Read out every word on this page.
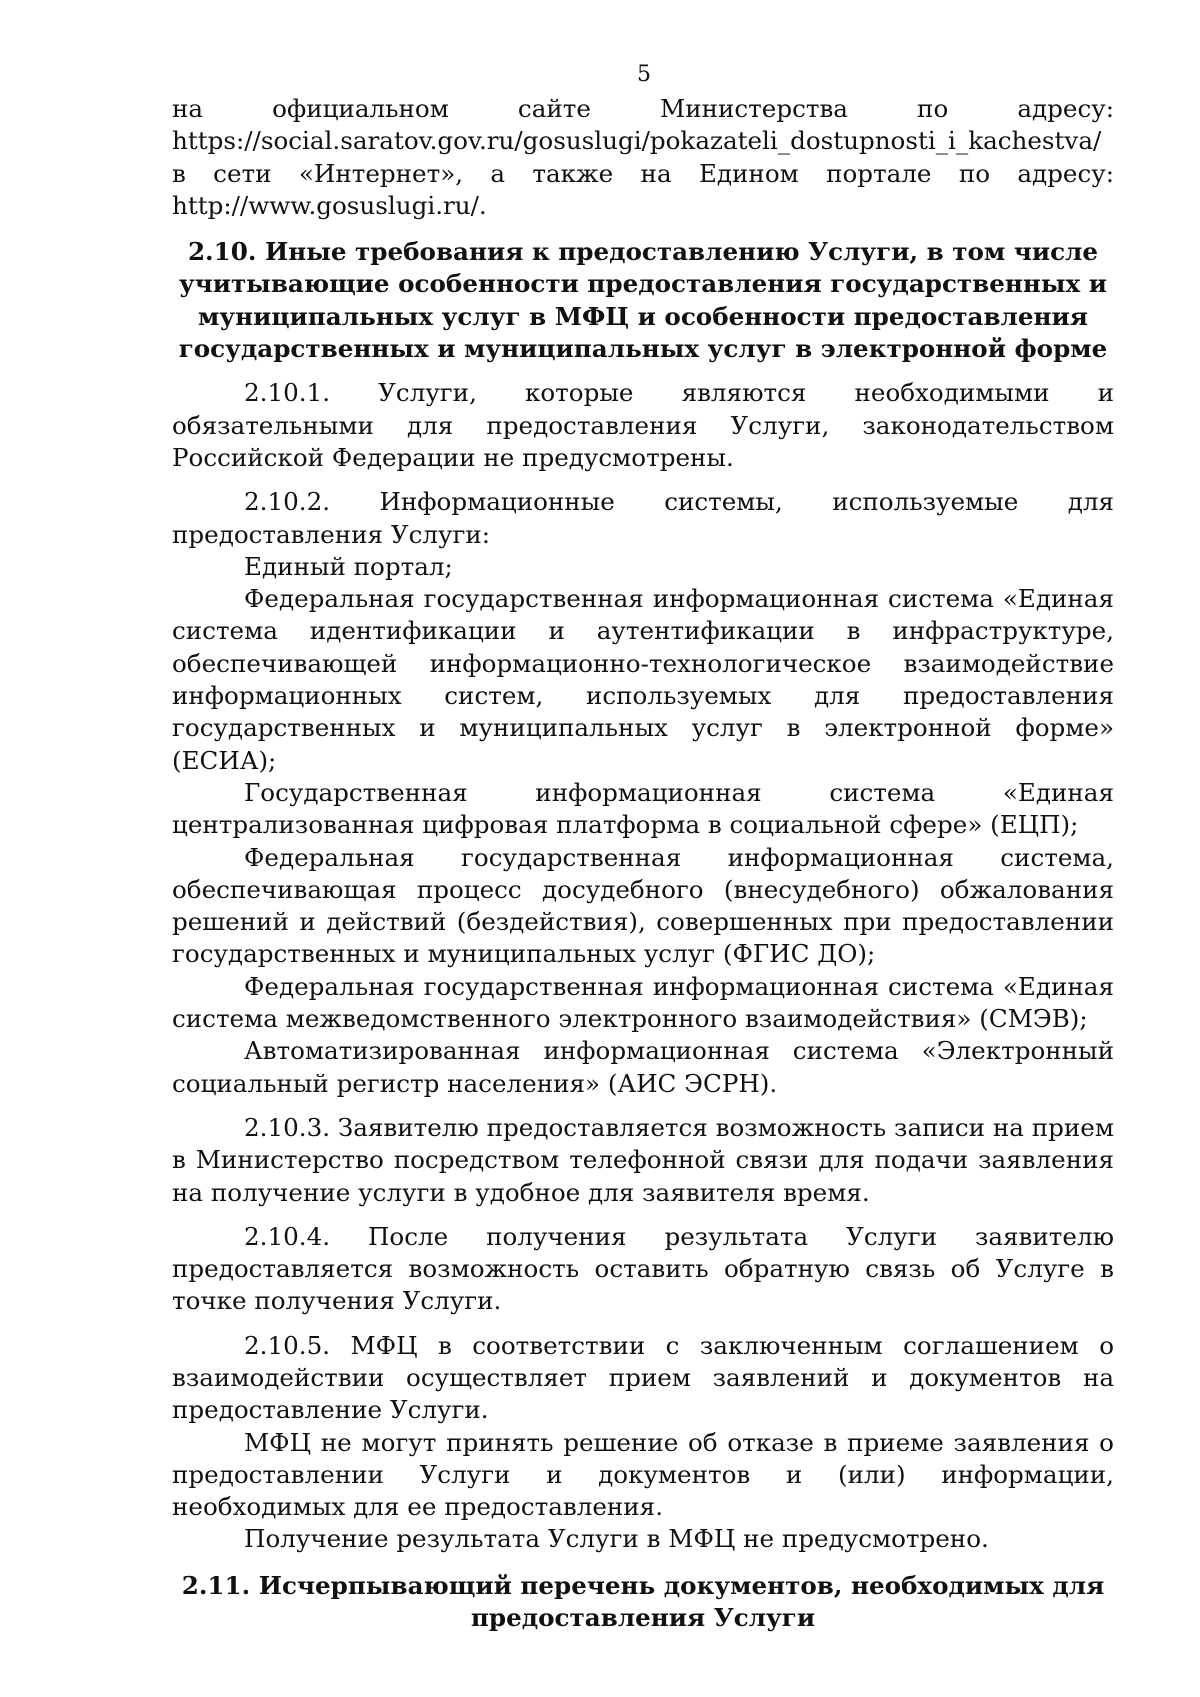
5

на официальном сайте Министерства по адресу: https://social.saratov.gov.ru/gosuslugi/pokazateli_dostupnosti_i_kachestva/ в сети «Интернет», а также на Едином портале по адресу: http://www.gosuslugi.ru/.

2.10. Иные требования к предоставлению Услуги, в том числе
учитывающие особенности предоставления государственных и
муниципальных услуг в МФЦ и особенности предоставления
государственных и муниципальных услуг в электронной форме

2.10.1. Услуги, которые являются необходимыми и обязательными для предоставления Услуги, законодательством Российской Федерации не предусмотрены.

2.10.2. Информационные системы, используемые для предоставления Услуги:

Единый портал;

Федеральная государственная информационная система «Единая система идентификации и аутентификации в инфраструктуре, обеспечивающей информационно-технологическое взаимодействие информационных систем, используемых для предоставления государственных и муниципальных услуг в электронной форме» (ЕСИА);

Государственная информационная система «Единая централизованная цифровая платформа в социальной сфере» (ЕЦП);

Федеральная государственная информационная система, обеспечивающая процесс досудебного (внесудебного) обжалования решений и действий (бездействия), совершенных при предоставлении государственных и муниципальных услуг (ФГИС ДО);

Федеральная государственная информационная система «Единая система межведомственного электронного взаимодействия» (СМЭВ);

Автоматизированная информационная система «Электронный социальный регистр населения» (АИС ЭСРН).

2.10.3. Заявителю предоставляется возможность записи на прием в Министерство посредством телефонной связи для подачи заявления на получение услуги в удобное для заявителя время.

2.10.4. После получения результата Услуги заявителю предоставляется возможность оставить обратную связь об Услуге в точке получения Услуги.

2.10.5. МФЦ в соответствии с заключенным соглашением о взаимодействии осуществляет прием заявлений и документов на предоставление Услуги.

МФЦ не могут принять решение об отказе в приеме заявления о предоставлении Услуги и документов и (или) информации, необходимых для ее предоставления.

Получение результата Услуги в МФЦ не предусмотрено.

2.11. Исчерпывающий перечень документов, необходимых для
предоставления Услуги
